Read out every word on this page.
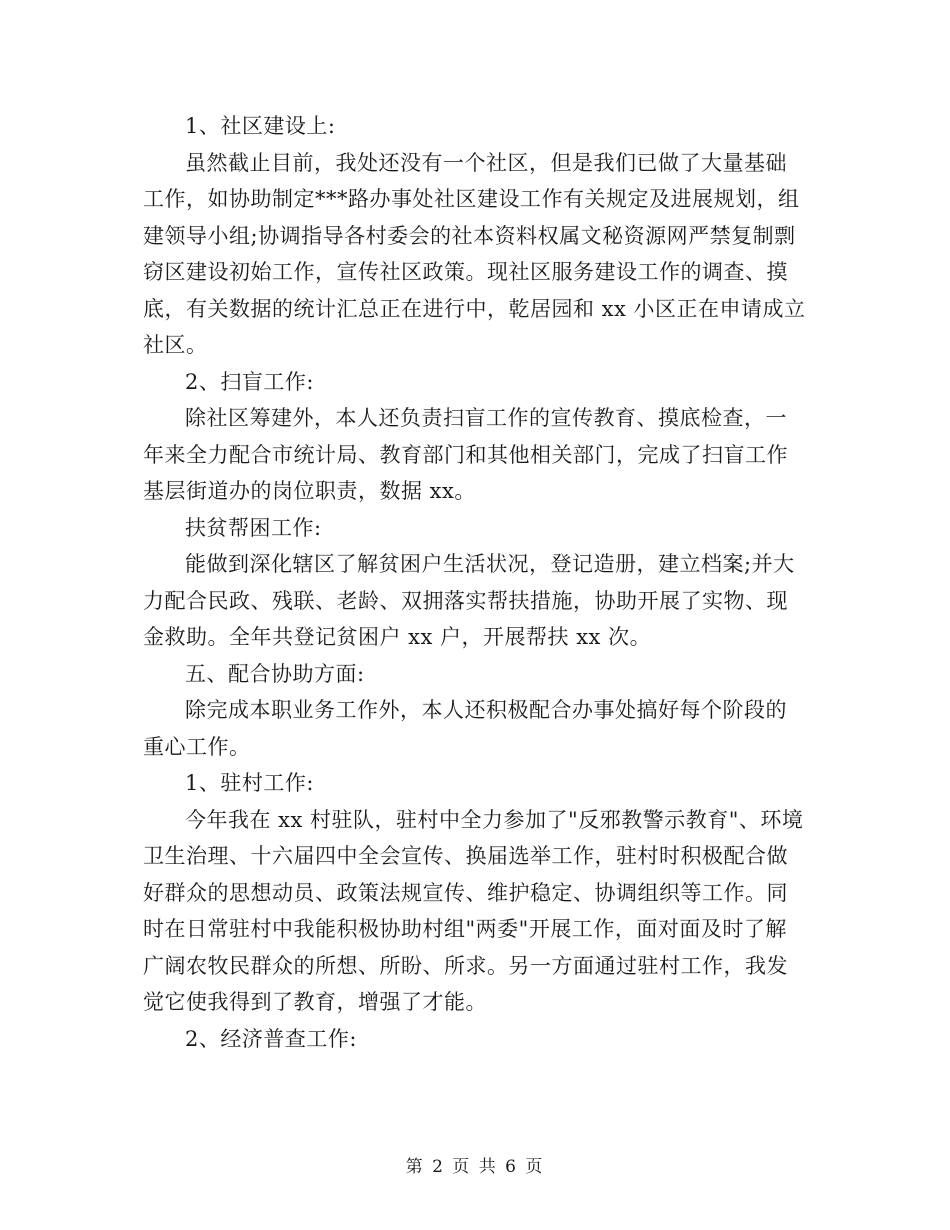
1、社区建设上:

虽然截止目前，我处还没有一个社区，但是我们已做了大量基础

工作，如协助制定***路办事处社区建设工作有关规定及进展规划，组

建领导小组;协调指导各村委会的社本资料权属文秘资源网严禁复制剽

窃区建设初始工作，宣传社区政策。现社区服务建设工作的调查、摸

底，有关数据的统计汇总正在进行中，乾居园和 xx 小区正在申请成立

社区。

2、扫盲工作:

除社区筹建外，本人还负责扫盲工作的宣传教育、摸底检查，一

年来全力配合市统计局、教育部门和其他相关部门，完成了扫盲工作

基层街道办的岗位职责，数据 xx。

扶贫帮困工作:

能做到深化辖区了解贫困户生活状况，登记造册，建立档案;并大

力配合民政、残联、老龄、双拥落实帮扶措施，协助开展了实物、现

金救助。全年共登记贫困户 xx 户，开展帮扶 xx 次。

五、配合协助方面:

除完成本职业务工作外，本人还积极配合办事处搞好每个阶段的

重心工作。

1、驻村工作:

今年我在 xx 村驻队，驻村中全力参加了"反邪教警示教育"、环境

卫生治理、十六届四中全会宣传、换届选举工作，驻村时积极配合做

好群众的思想动员、政策法规宣传、维护稳定、协调组织等工作。同

时在日常驻村中我能积极协助村组"两委"开展工作，面对面及时了解

广阔农牧民群众的所想、所盼、所求。另一方面通过驻村工作，我发

觉它使我得到了教育，增强了才能。

2、经济普查工作:

第 2 页 共 6 页
